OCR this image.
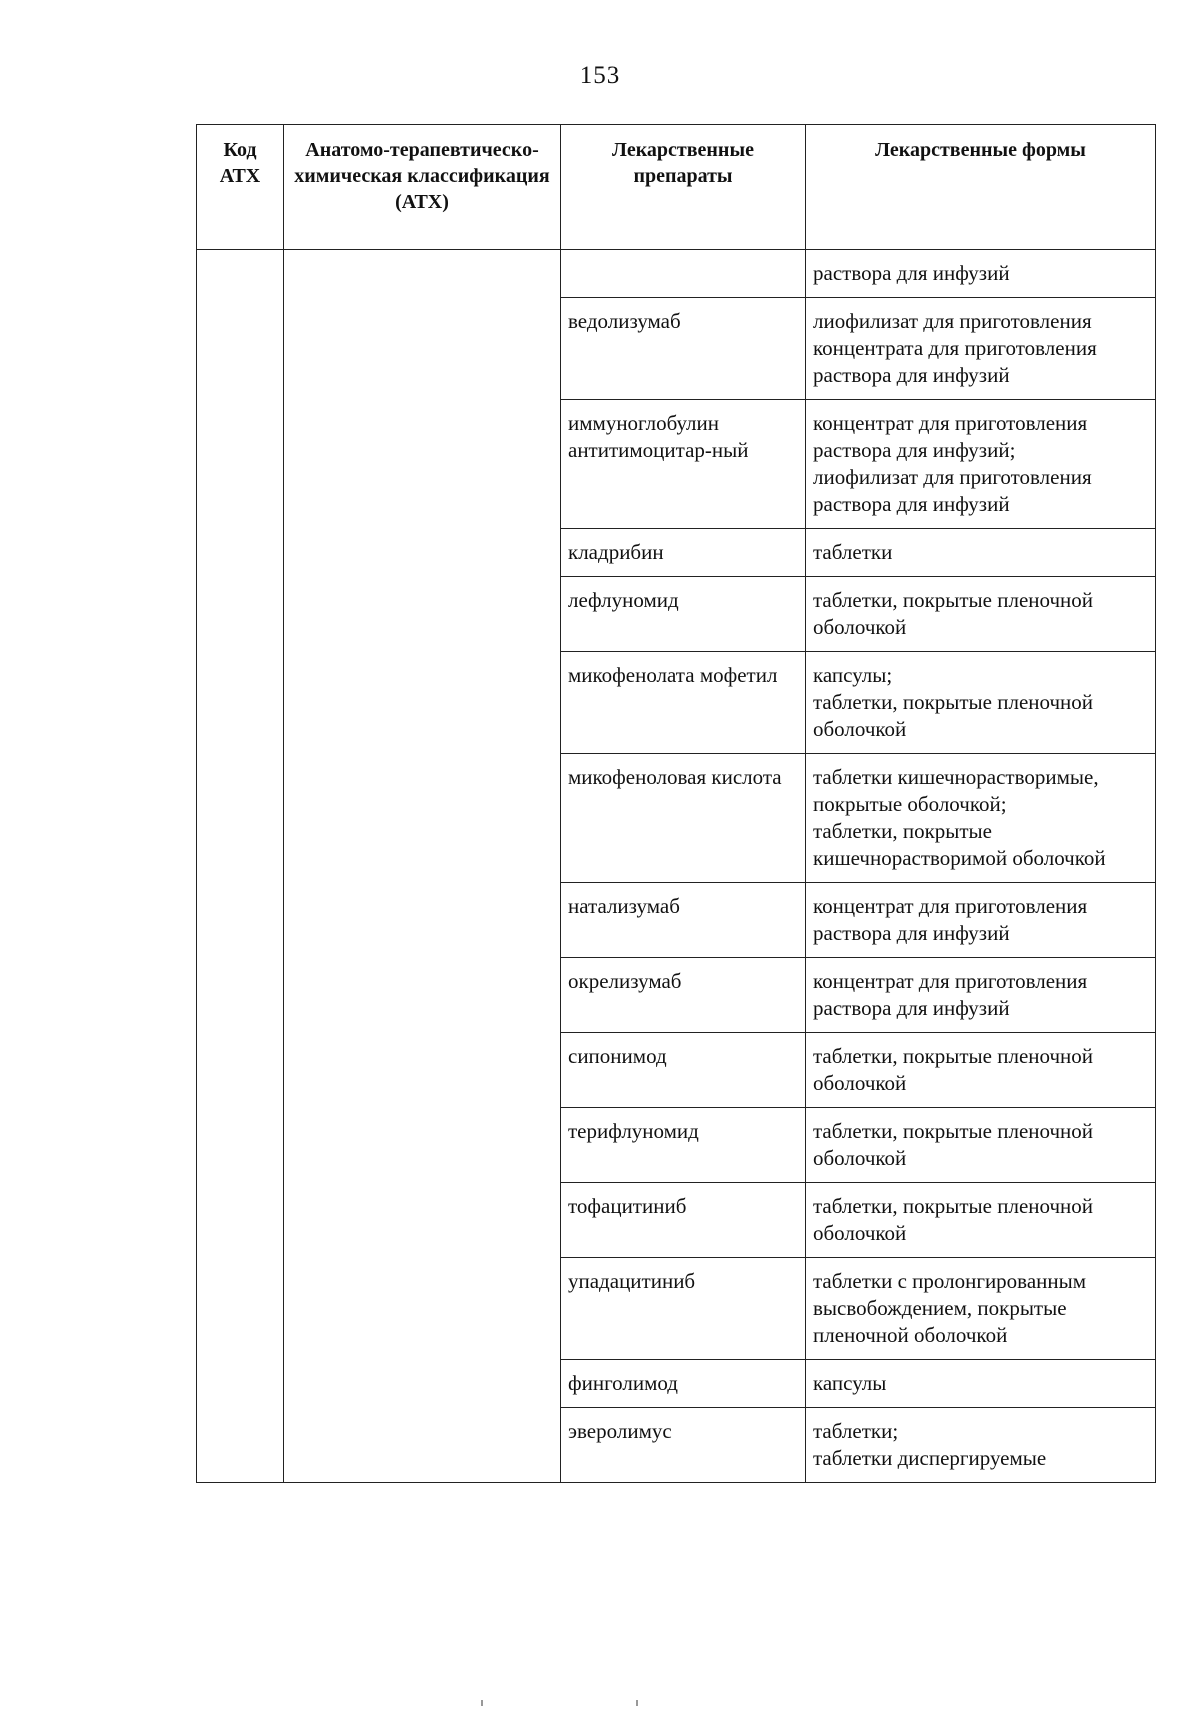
153
Код АТХ	Анатомо-терапевтическо-химическая классификация (АТХ)	Лекарственные препараты	Лекарственные формы

			раствора для инфузий

		ведолизумаб	лиофилизат для приготовления концентрата для приготовления раствора для инфузий

		иммуноглобулин антитимоцитар-ный	концентрат для приготовления раствора для инфузий;
лиофилизат для приготовления раствора для инфузий

		кладрибин	таблетки

		лефлуномид	таблетки, покрытые пленочной оболочкой

		микофенолата мофетил	капсулы;
таблетки, покрытые пленочной оболочкой

		микофеноловая кислота	таблетки кишечнорастворимые, покрытые оболочкой;
таблетки, покрытые кишечнорастворимой оболочкой

		натализумаб	концентрат для приготовления раствора для инфузий

		окрелизумаб	концентрат для приготовления раствора для инфузий

		сипонимод	таблетки, покрытые пленочной оболочкой

		терифлуномид	таблетки, покрытые пленочной оболочкой

		тофацитиниб	таблетки, покрытые пленочной оболочкой

		упадацитиниб	таблетки с пролонгированным высвобождением, покрытые пленочной оболочкой

		финголимод	капсулы

		эверолимус	таблетки;
таблетки диспергируемые
